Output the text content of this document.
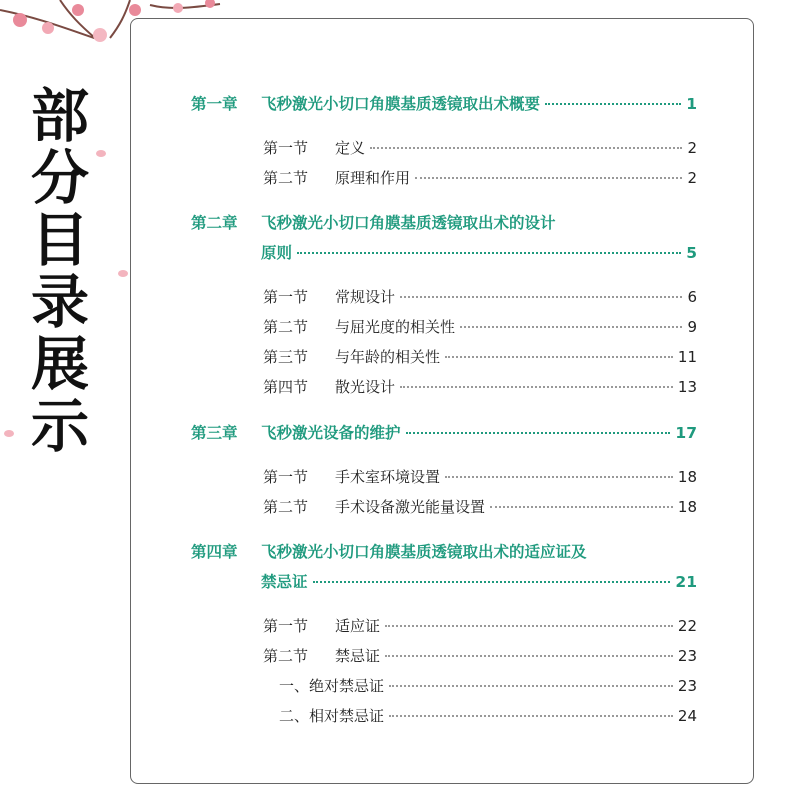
部
分
目
录
展
示
第一章 飞秒激光小切口角膜基质透镜取出术概要	1
第一节 定义	2
第二节 原理和作用	2
第二章 飞秒激光小切口角膜基质透镜取出术的设计
原则	5
第一节 常规设计	6
第二节 与屈光度的相关性	9
第三节 与年龄的相关性	11
第四节 散光设计	13
第三章 飞秒激光设备的维护	17
第一节 手术室环境设置	18
第二节 手术设备激光能量设置	18
第四章 飞秒激光小切口角膜基质透镜取出术的适应证及
禁忌证	21
第一节 适应证	22
第二节 禁忌证	23
一、绝对禁忌证	23
二、相对禁忌证	24
